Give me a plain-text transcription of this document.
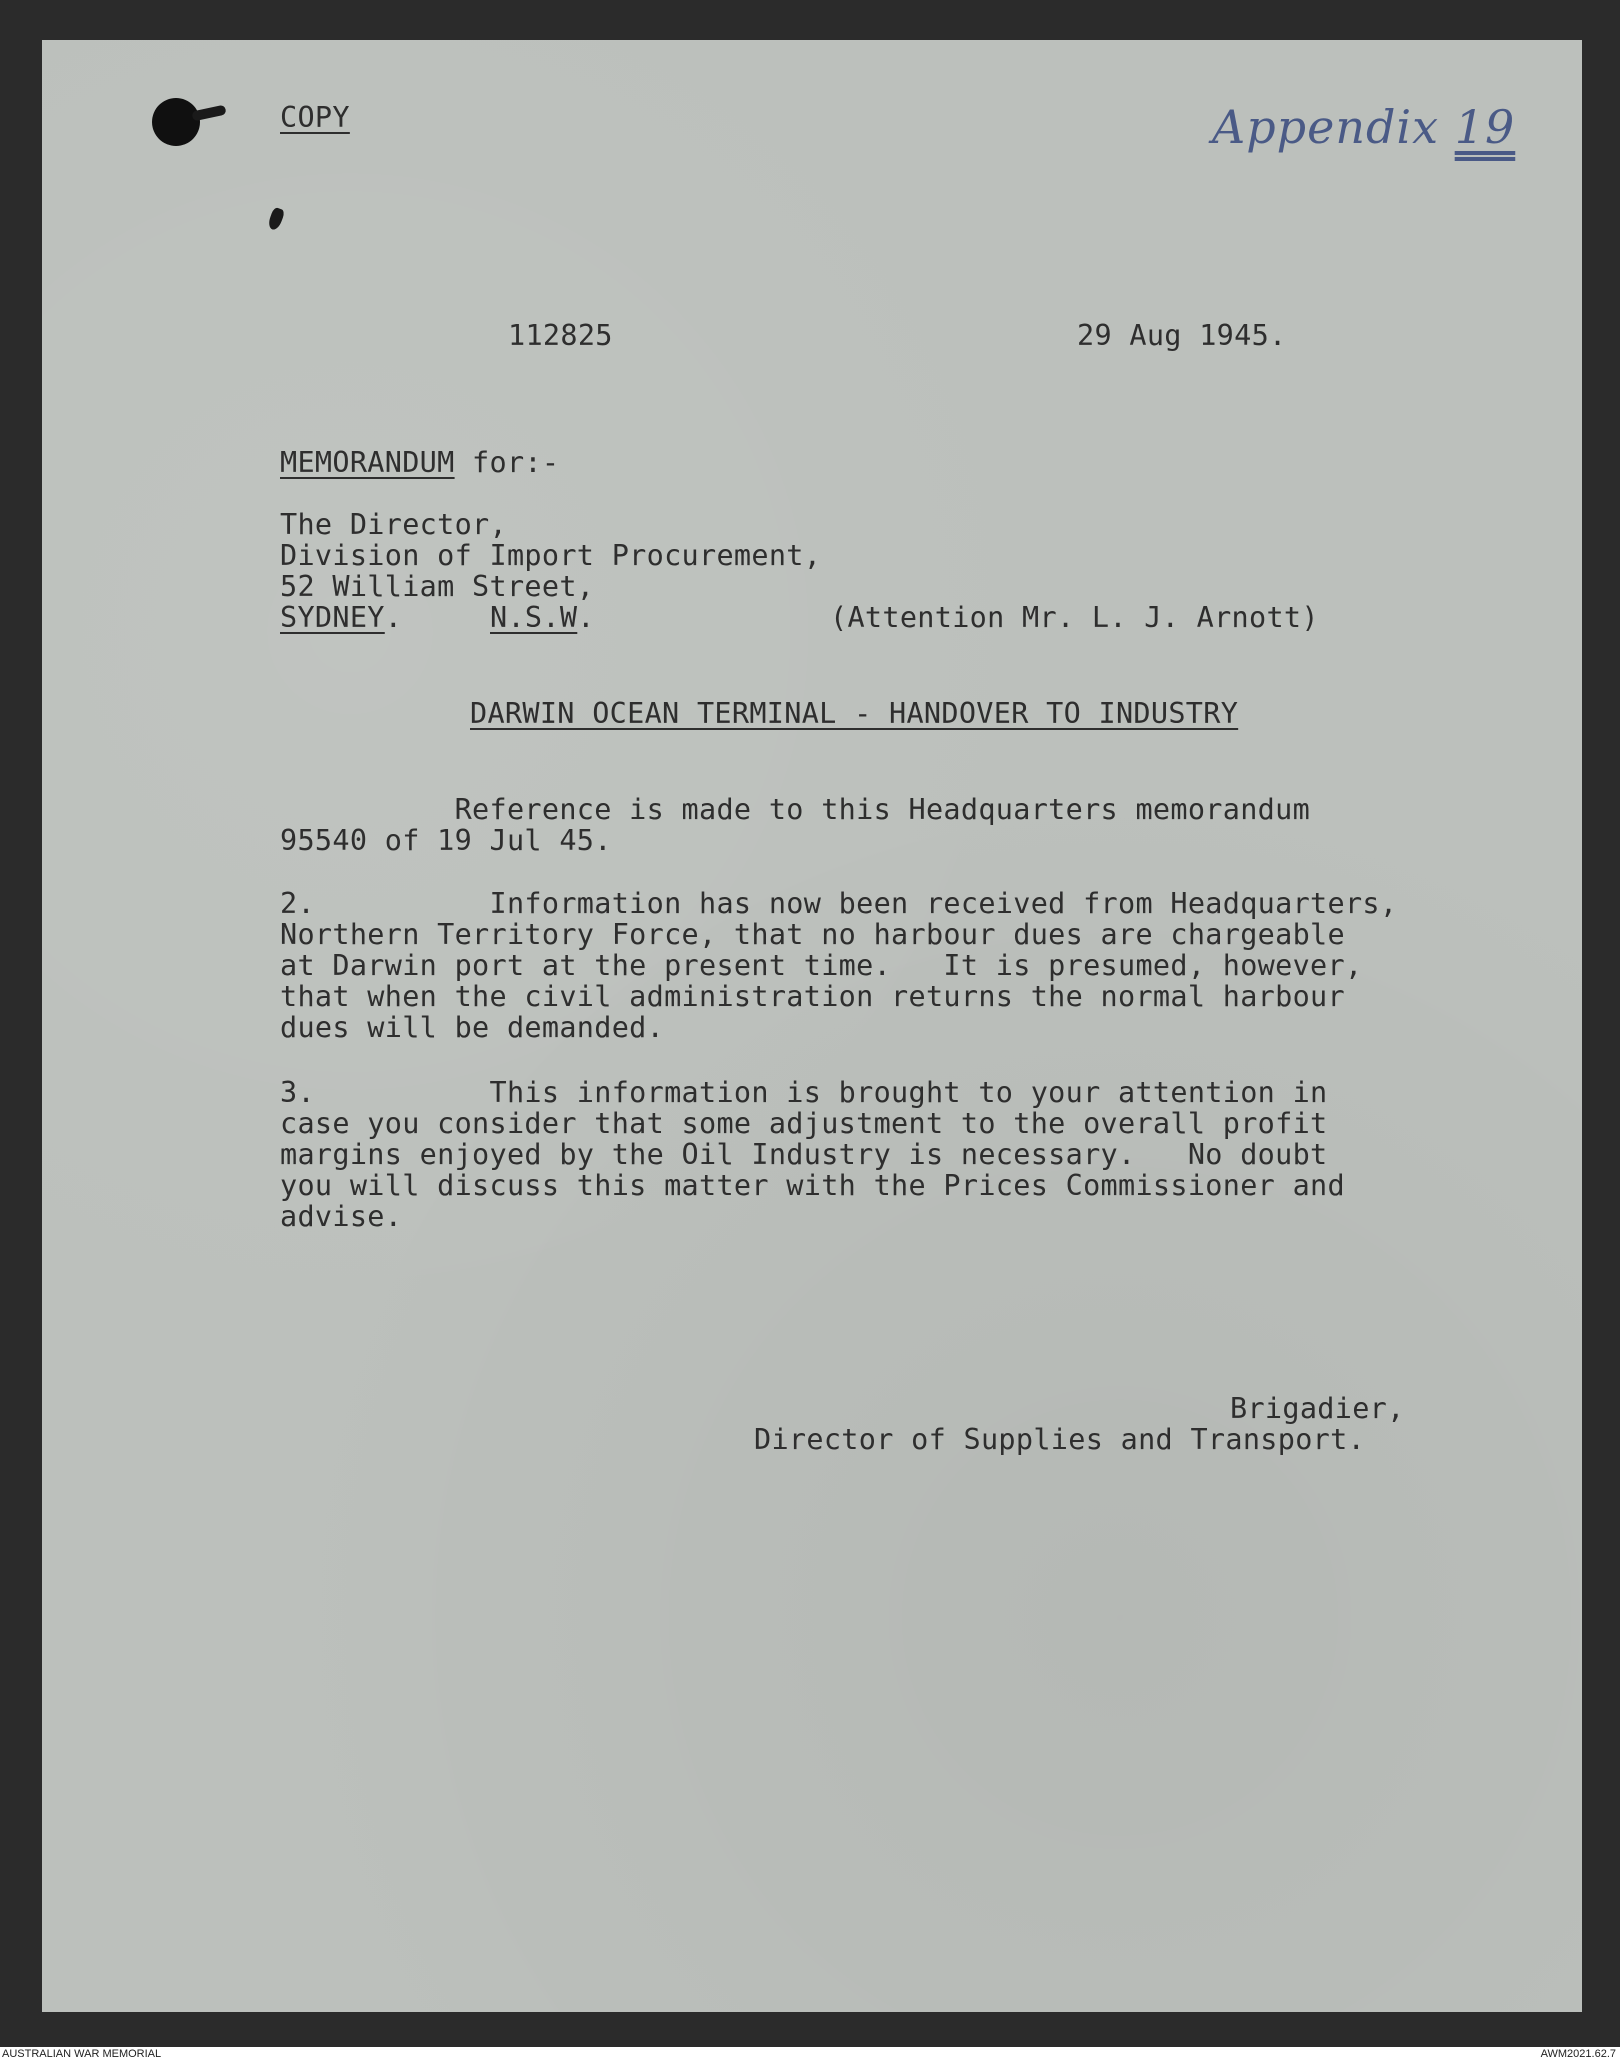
Appendix 19
COPY
112825	29 Aug 1945.
MEMORANDUM for:-
The Director,
Division of Import Procurement,
52 William Street,
SYDNEY.	N.S.W.	(Attention Mr. L. J. Arnott)
DARWIN OCEAN TERMINAL - HANDOVER TO INDUSTRY
Reference is made to this Headquarters memorandum
95540 of 19 Jul 45.
2.          Information has now been received from Headquarters,
Northern Territory Force, that no harbour dues are chargeable
at Darwin port at the present time.   It is presumed, however,
that when the civil administration returns the normal harbour
dues will be demanded.
3.          This information is brought to your attention in
case you consider that some adjustment to the overall profit
margins enjoyed by the Oil Industry is necessary.   No doubt
you will discuss this matter with the Prices Commissioner and
advise.
Brigadier,
Director of Supplies and Transport.
AUSTRALIAN WAR MEMORIAL	AWM2021.62.7
